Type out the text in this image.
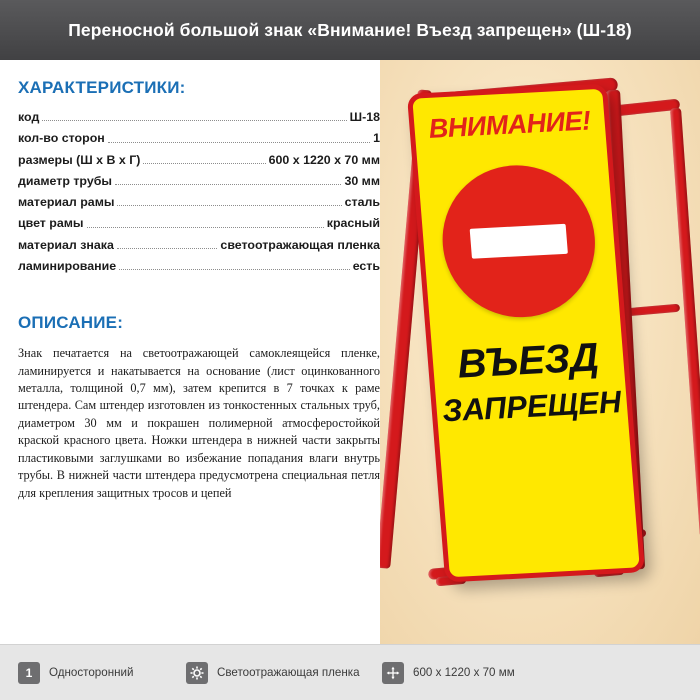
Переносной большой знак «Внимание! Въезд запрещен» (Ш-18)
ВНИМАНИЕ!
ВЪЕЗД
ЗАПРЕЩЕН
ХАРАКТЕРИСТИКИ:
код	Ш-18
кол-во сторон	1
размеры (Ш х В х Г)	600 x 1220 x 70 мм
диаметр трубы	30 мм
материал рамы	сталь
цвет рамы	красный
материал знака	светоотражающая пленка
ламинирование	есть
ОПИСАНИЕ:

Знак печатается на светоотражающей самоклеящейся пленке, ламинируется и накатывается на основание (лист оцинкованного металла, толщиной 0,7 мм), затем крепится в 7 точках к раме штендера. Сам штендер изготовлен из тонкостенных стальных труб, диаметром 30 мм и покрашен полимерной атмосферостойкой краской красного цвета. Ножки штендера в нижней части закрыты пластиковыми заглушками во избежание попадания влаги внутрь трубы. В нижней части штендера предусмотрена специальная петля для крепления защитных тросов и цепей

1	Односторонний	Светоотражающая пленка	600 x 1220 x 70 мм
